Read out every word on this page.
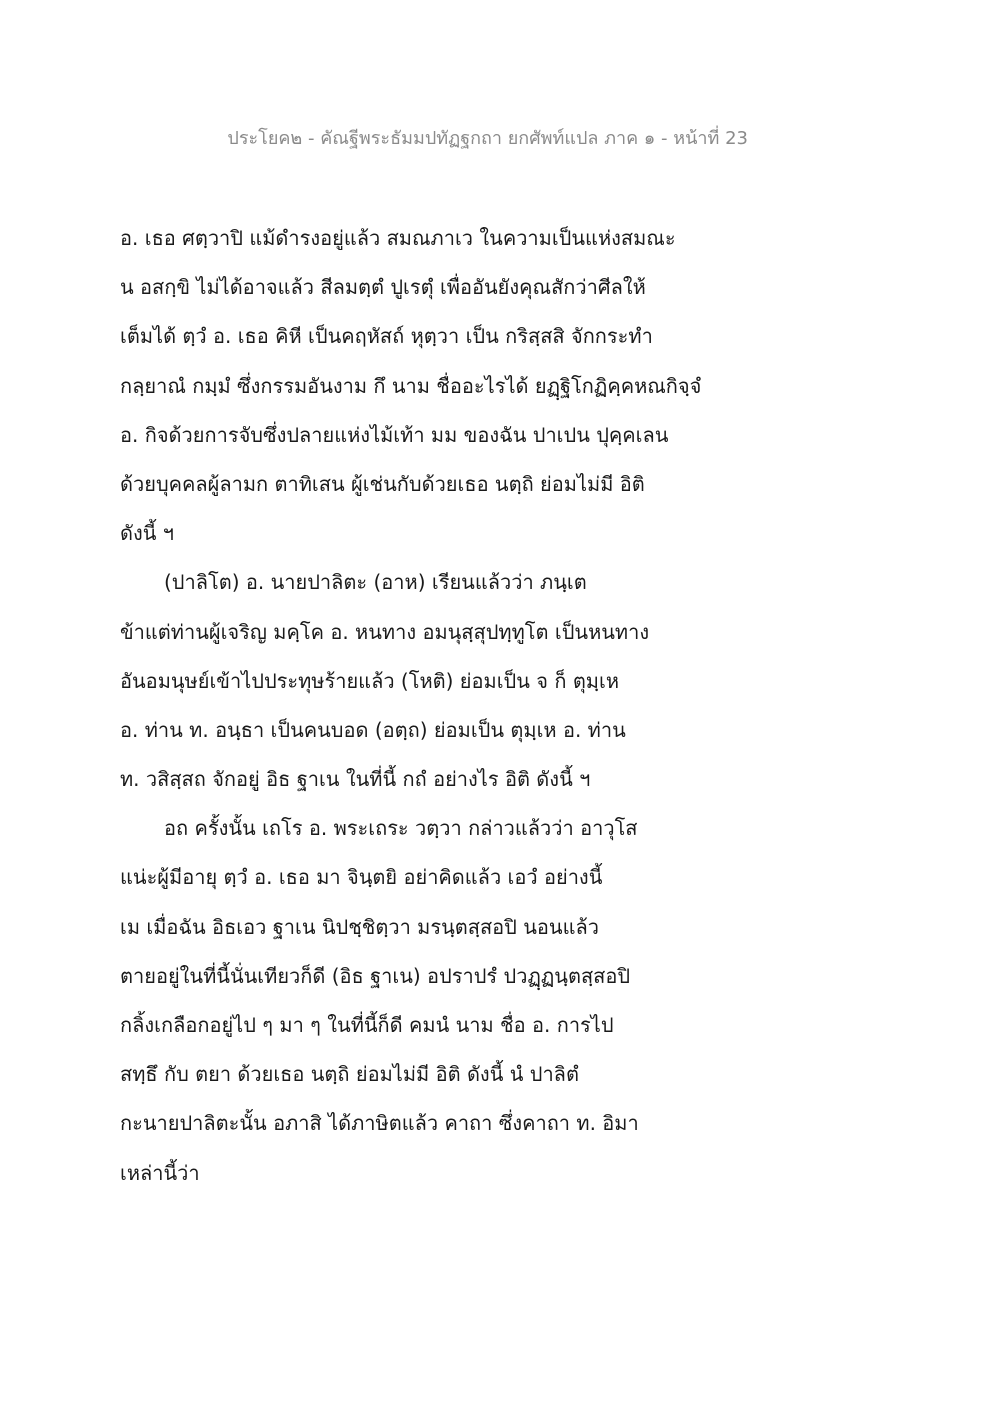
ประโยค๒ - คัณฐีพระธัมมปทัฏฐกถา ยกศัพท์แปล ภาค ๑ - หน้าที่ 23
อ. เธอ ศตฺวาปิ แม้ดำรงอยู่แล้ว สมณภาเว ในความเป็นแห่งสมณะ
น อสกฺขิ ไม่ได้อาจแล้ว สีลมตฺตํ ปูเรตุํ เพื่ออันยังคุณสักว่าศีลให้
เต็มได้ ตฺวํ อ. เธอ คิหี เป็นคฤหัสถ์ หุตฺวา เป็น กริสฺสสิ จักกระทำ
กลฺยาณํ กมฺมํ ซึ่งกรรมอันงาม กึ นาม ชื่ออะไรได้ ยฏฺฐิโกฏิคฺคหณกิจฺจํ
อ. กิจด้วยการจับซึ่งปลายแห่งไม้เท้า มม ของฉัน ปาเปน ปุคฺคเลน
ด้วยบุคคลผู้ลามก ตาทิเสน ผู้เช่นกับด้วยเธอ นตฺถิ ย่อมไม่มี อิติ
ดังนี้ ฯ
(ปาลิโต) อ. นายปาลิตะ (อาห) เรียนแล้วว่า ภนฺเต
ข้าแต่ท่านผู้เจริญ มคฺโค อ. หนทาง อมนุสฺสุปทฺทูโต เป็นหนทาง
อันอมนุษย์เข้าไปประทุษร้ายแล้ว (โหติ) ย่อมเป็น จ ก็ ตุมฺเห
อ. ท่าน ท. อนฺธา เป็นคนบอด (อตฺถ) ย่อมเป็น ตุมฺเห อ. ท่าน
ท. วสิสฺสถ จักอยู่ อิธ ฐาเน ในที่นี้ กถํ อย่างไร อิติ ดังนี้ ฯ
อถ ครั้งนั้น เถโร อ. พระเถระ วตฺวา กล่าวแล้วว่า อาวุโส
แน่ะผู้มีอายุ ตฺวํ อ. เธอ มา จินฺตยิ อย่าคิดแล้ว เอวํ อย่างนี้
เม เมื่อฉัน อิธเอว ฐาเน นิปชฺชิตฺวา มรนฺตสฺสอปิ นอนแล้ว
ตายอยู่ในที่นี้นั่นเทียวก็ดี (อิธ ฐาเน) อปราปรํ ปวฏฺฏนฺตสฺสอปิ
กลิ้งเกลือกอยู่ไป ๆ มา ๆ ในที่นี้ก็ดี คมนํ นาม ชื่อ อ. การไป
สทฺธึ กับ ตยา ด้วยเธอ นตฺถิ ย่อมไม่มี อิติ ดังนี้ นํ ปาลิตํ
กะนายปาลิตะนั้น อภาสิ ได้ภาษิตแล้ว คาถา ซึ่งคาถา ท. อิมา
เหล่านี้ว่า
